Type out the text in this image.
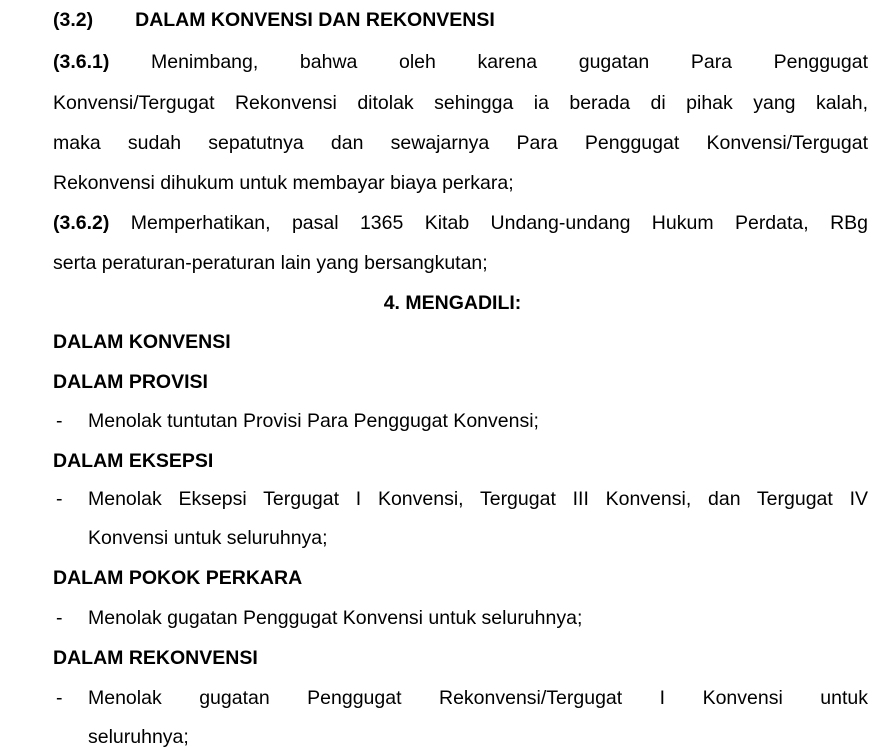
(3.2) DALAM KONVENSI DAN REKONVENSI
(3.6.1) Menimbang, bahwa oleh karena gugatan Para Penggugat
Konvensi/Tergugat Rekonvensi ditolak sehingga ia berada di pihak yang kalah,
maka sudah sepatutnya dan sewajarnya Para Penggugat Konvensi/Tergugat
Rekonvensi dihukum untuk membayar biaya perkara;
(3.6.2) Memperhatikan, pasal 1365 Kitab Undang-undang Hukum Perdata, RBg
serta peraturan-peraturan lain yang bersangkutan;
4. MENGADILI:
DALAM KONVENSI
DALAM PROVISI
- Menolak tuntutan Provisi Para Penggugat Konvensi;
DALAM EKSEPSI
- Menolak Eksepsi Tergugat I Konvensi, Tergugat III Konvensi, dan Tergugat IV
Konvensi untuk seluruhnya;
DALAM POKOK PERKARA
- Menolak gugatan Penggugat Konvensi untuk seluruhnya;
DALAM REKONVENSI
- Menolak gugatan Penggugat Rekonvensi/Tergugat I Konvensi untuk
seluruhnya;
